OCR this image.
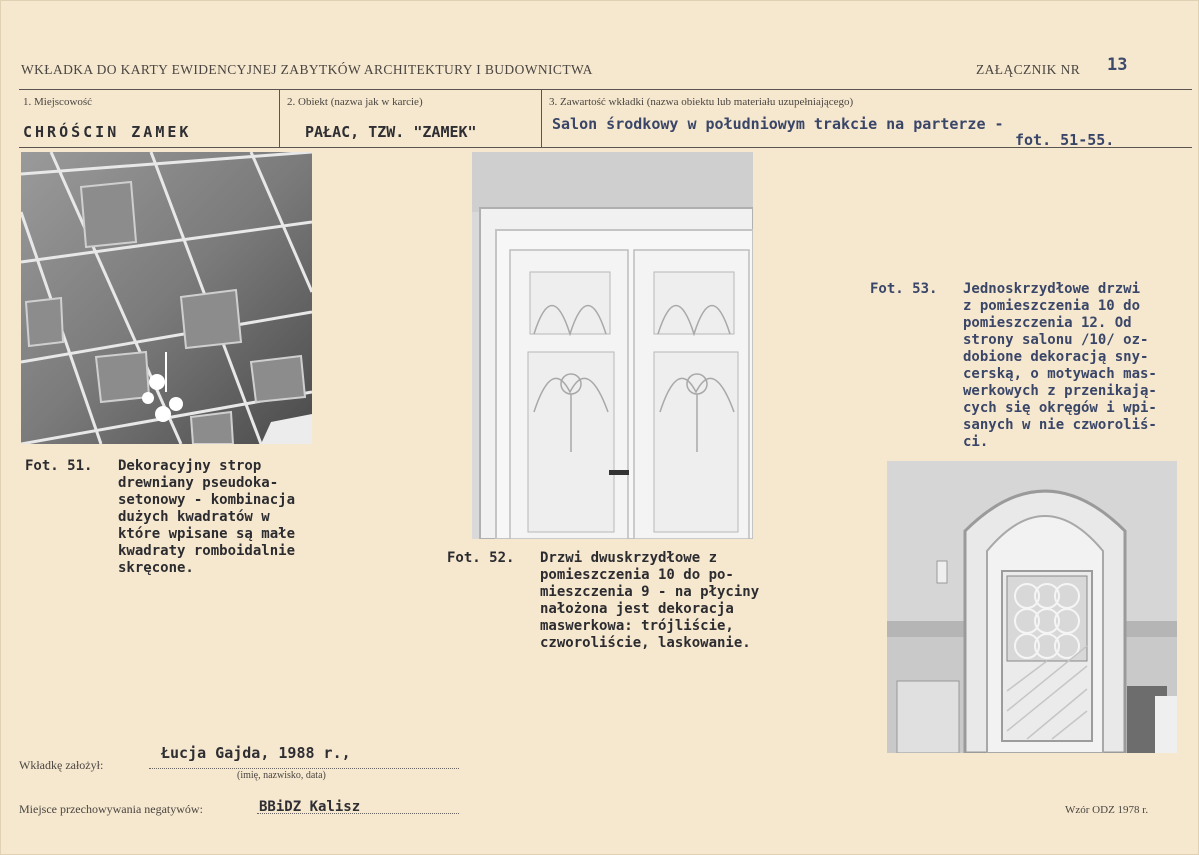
WKŁADKA DO KARTY EWIDENCYJNEJ ZABYTKÓW ARCHITEKTURY I BUDOWNICTWA	ZAŁĄCZNIK NR 13
1. Miejscowość
CHRÓŚCIN ZAMEK
2. Obiekt (nazwa jak w karcie)
PAŁAC, TZW. "ZAMEK"
3. Zawartość wkładki (nazwa obiektu lub materiału uzupełniającego)
Salon środkowy w południowym trakcie na parterze -
fot. 51-55.
Fot. 51. Dekoracyjny strop
drewniany pseudoka-
setonowy - kombinacja
dużych kwadratów w
które wpisane są małe
kwadraty romboidalnie
skręcone.
Fot. 52. Drzwi dwuskrzydłowe z
pomieszczenia 10 do po-
mieszczenia 9 - na płyciny
nałożona jest dekoracja
maswerkowa: trójliście,
czworoliście, laskowanie.
Fot. 53. Jednoskrzydłowe drzwi
z pomieszczenia 10 do
pomieszczenia 12. Od
strony salonu /10/ oz-
dobione dekoracją sny-
cerską, o motywach mas-
werkowych z przenikają-
cych się okręgów i wpi-
sanych w nie czworoliś-
ci.
Wkładkę założył:
Łucja Gajda, 1988 r.,
(imię, nazwisko, data)
Miejsce przechowywania negatywów:	BBiDZ Kalisz	Wzór ODZ 1978 r.
